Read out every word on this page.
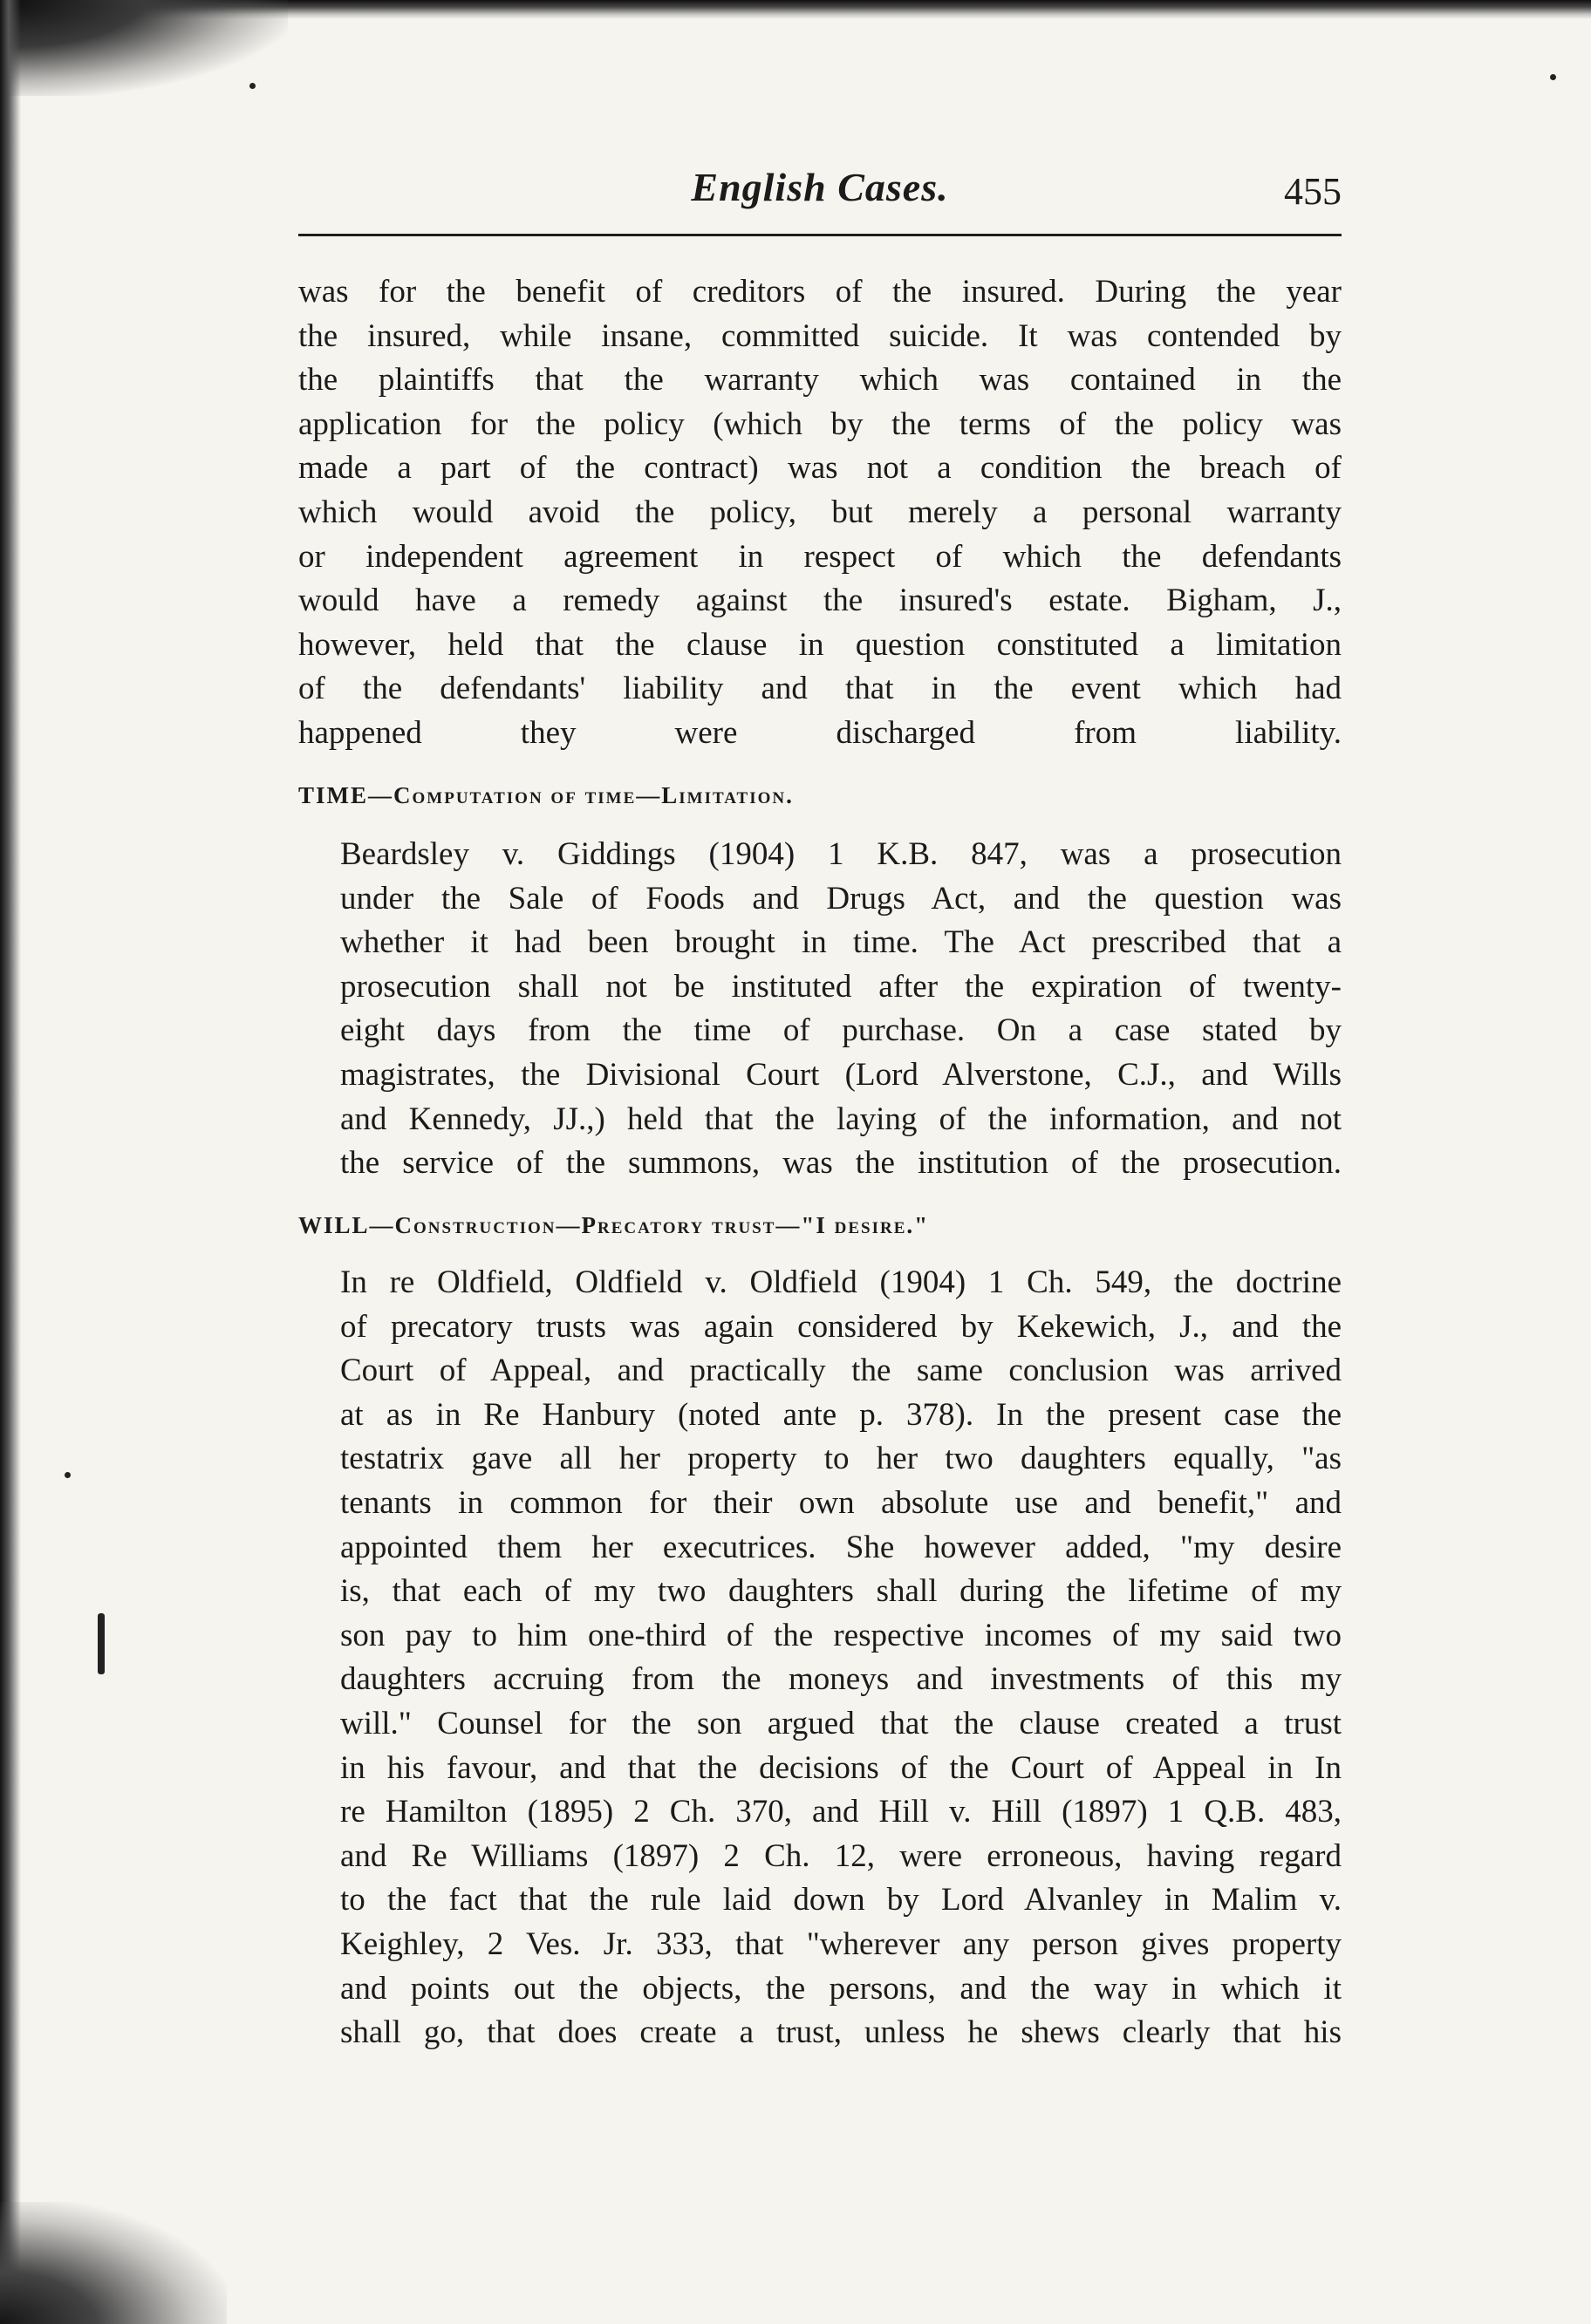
English Cases.	455

was for the benefit of creditors of the insured. During the year
the insured, while insane, committed suicide. It was contended by
the plaintiffs that the warranty which was contained in the
application for the policy (which by the terms of the policy was
made a part of the contract) was not a condition the breach of
which would avoid the policy, but merely a personal warranty
or independent agreement in respect of which the defendants
would have a remedy against the insured's estate. Bigham, J.,
however, held that the clause in question constituted a limitation
of the defendants' liability and that in the event which had
happened they were discharged from liability.

TIME—Computation of time—Limitation.

Beardsley v. Giddings (1904) 1 K.B. 847, was a prosecution
under the Sale of Foods and Drugs Act, and the question was
whether it had been brought in time. The Act prescribed that a
prosecution shall not be instituted after the expiration of twenty-
eight days from the time of purchase. On a case stated by
magistrates, the Divisional Court (Lord Alverstone, C.J., and Wills
and Kennedy, JJ.,) held that the laying of the information, and not
the service of the summons, was the institution of the prosecution.

WILL—Construction—Precatory trust—"I desire."

In re Oldfield, Oldfield v. Oldfield (1904) 1 Ch. 549, the doctrine
of precatory trusts was again considered by Kekewich, J., and the
Court of Appeal, and practically the same conclusion was arrived
at as in Re Hanbury (noted ante p. 378). In the present case the
testatrix gave all her property to her two daughters equally, "as
tenants in common for their own absolute use and benefit," and
appointed them her executrices. She however added, "my desire
is, that each of my two daughters shall during the lifetime of my
son pay to him one-third of the respective incomes of my said two
daughters accruing from the moneys and investments of this my
will." Counsel for the son argued that the clause created a trust
in his favour, and that the decisions of the Court of Appeal in In
re Hamilton (1895) 2 Ch. 370, and Hill v. Hill (1897) 1 Q.B. 483,
and Re Williams (1897) 2 Ch. 12, were erroneous, having regard
to the fact that the rule laid down by Lord Alvanley in Malim v.
Keighley, 2 Ves. Jr. 333, that "wherever any person gives property
and points out the objects, the persons, and the way in which it
shall go, that does create a trust, unless he shews clearly that his
